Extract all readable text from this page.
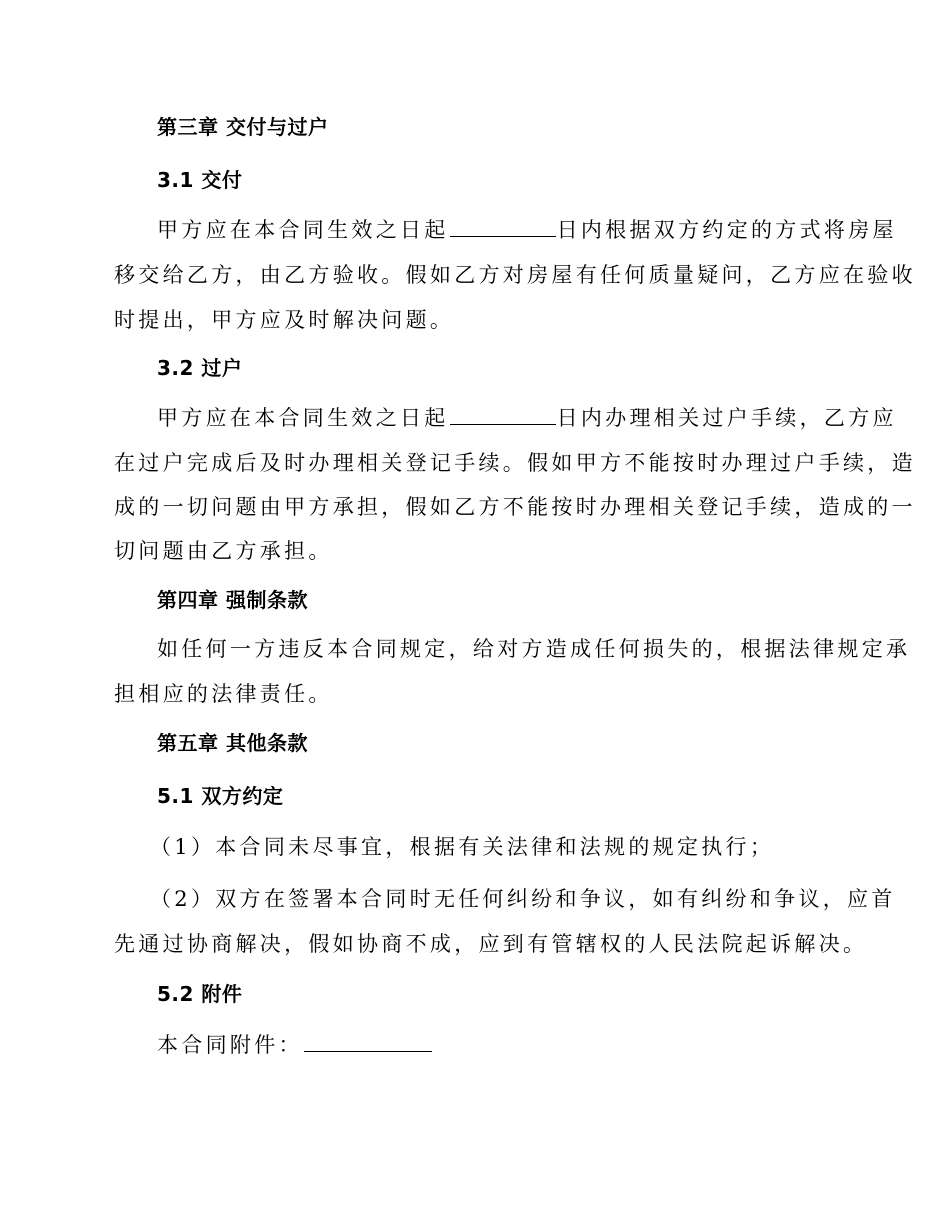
第三章 交付与过户
3.1 交付
甲方应在本合同生效之日起	日内根据双方约定的方式将房屋
移交给乙方，由乙方验收。假如乙方对房屋有任何质量疑问，乙方应在验收
时提出，甲方应及时解决问题。
3.2 过户
甲方应在本合同生效之日起	日内办理相关过户手续，乙方应
在过户完成后及时办理相关登记手续。假如甲方不能按时办理过户手续，造
成的一切问题由甲方承担，假如乙方不能按时办理相关登记手续，造成的一
切问题由乙方承担。
第四章 强制条款
如任何一方违反本合同规定，给对方造成任何损失的，根据法律规定承
担相应的法律责任。
第五章 其他条款
5.1 双方约定
（1）本合同未尽事宜，根据有关法律和法规的规定执行；
（2）双方在签署本合同时无任何纠纷和争议，如有纠纷和争议，应首
先通过协商解决，假如协商不成，应到有管辖权的人民法院起诉解决。
5.2 附件
本合同附件：
